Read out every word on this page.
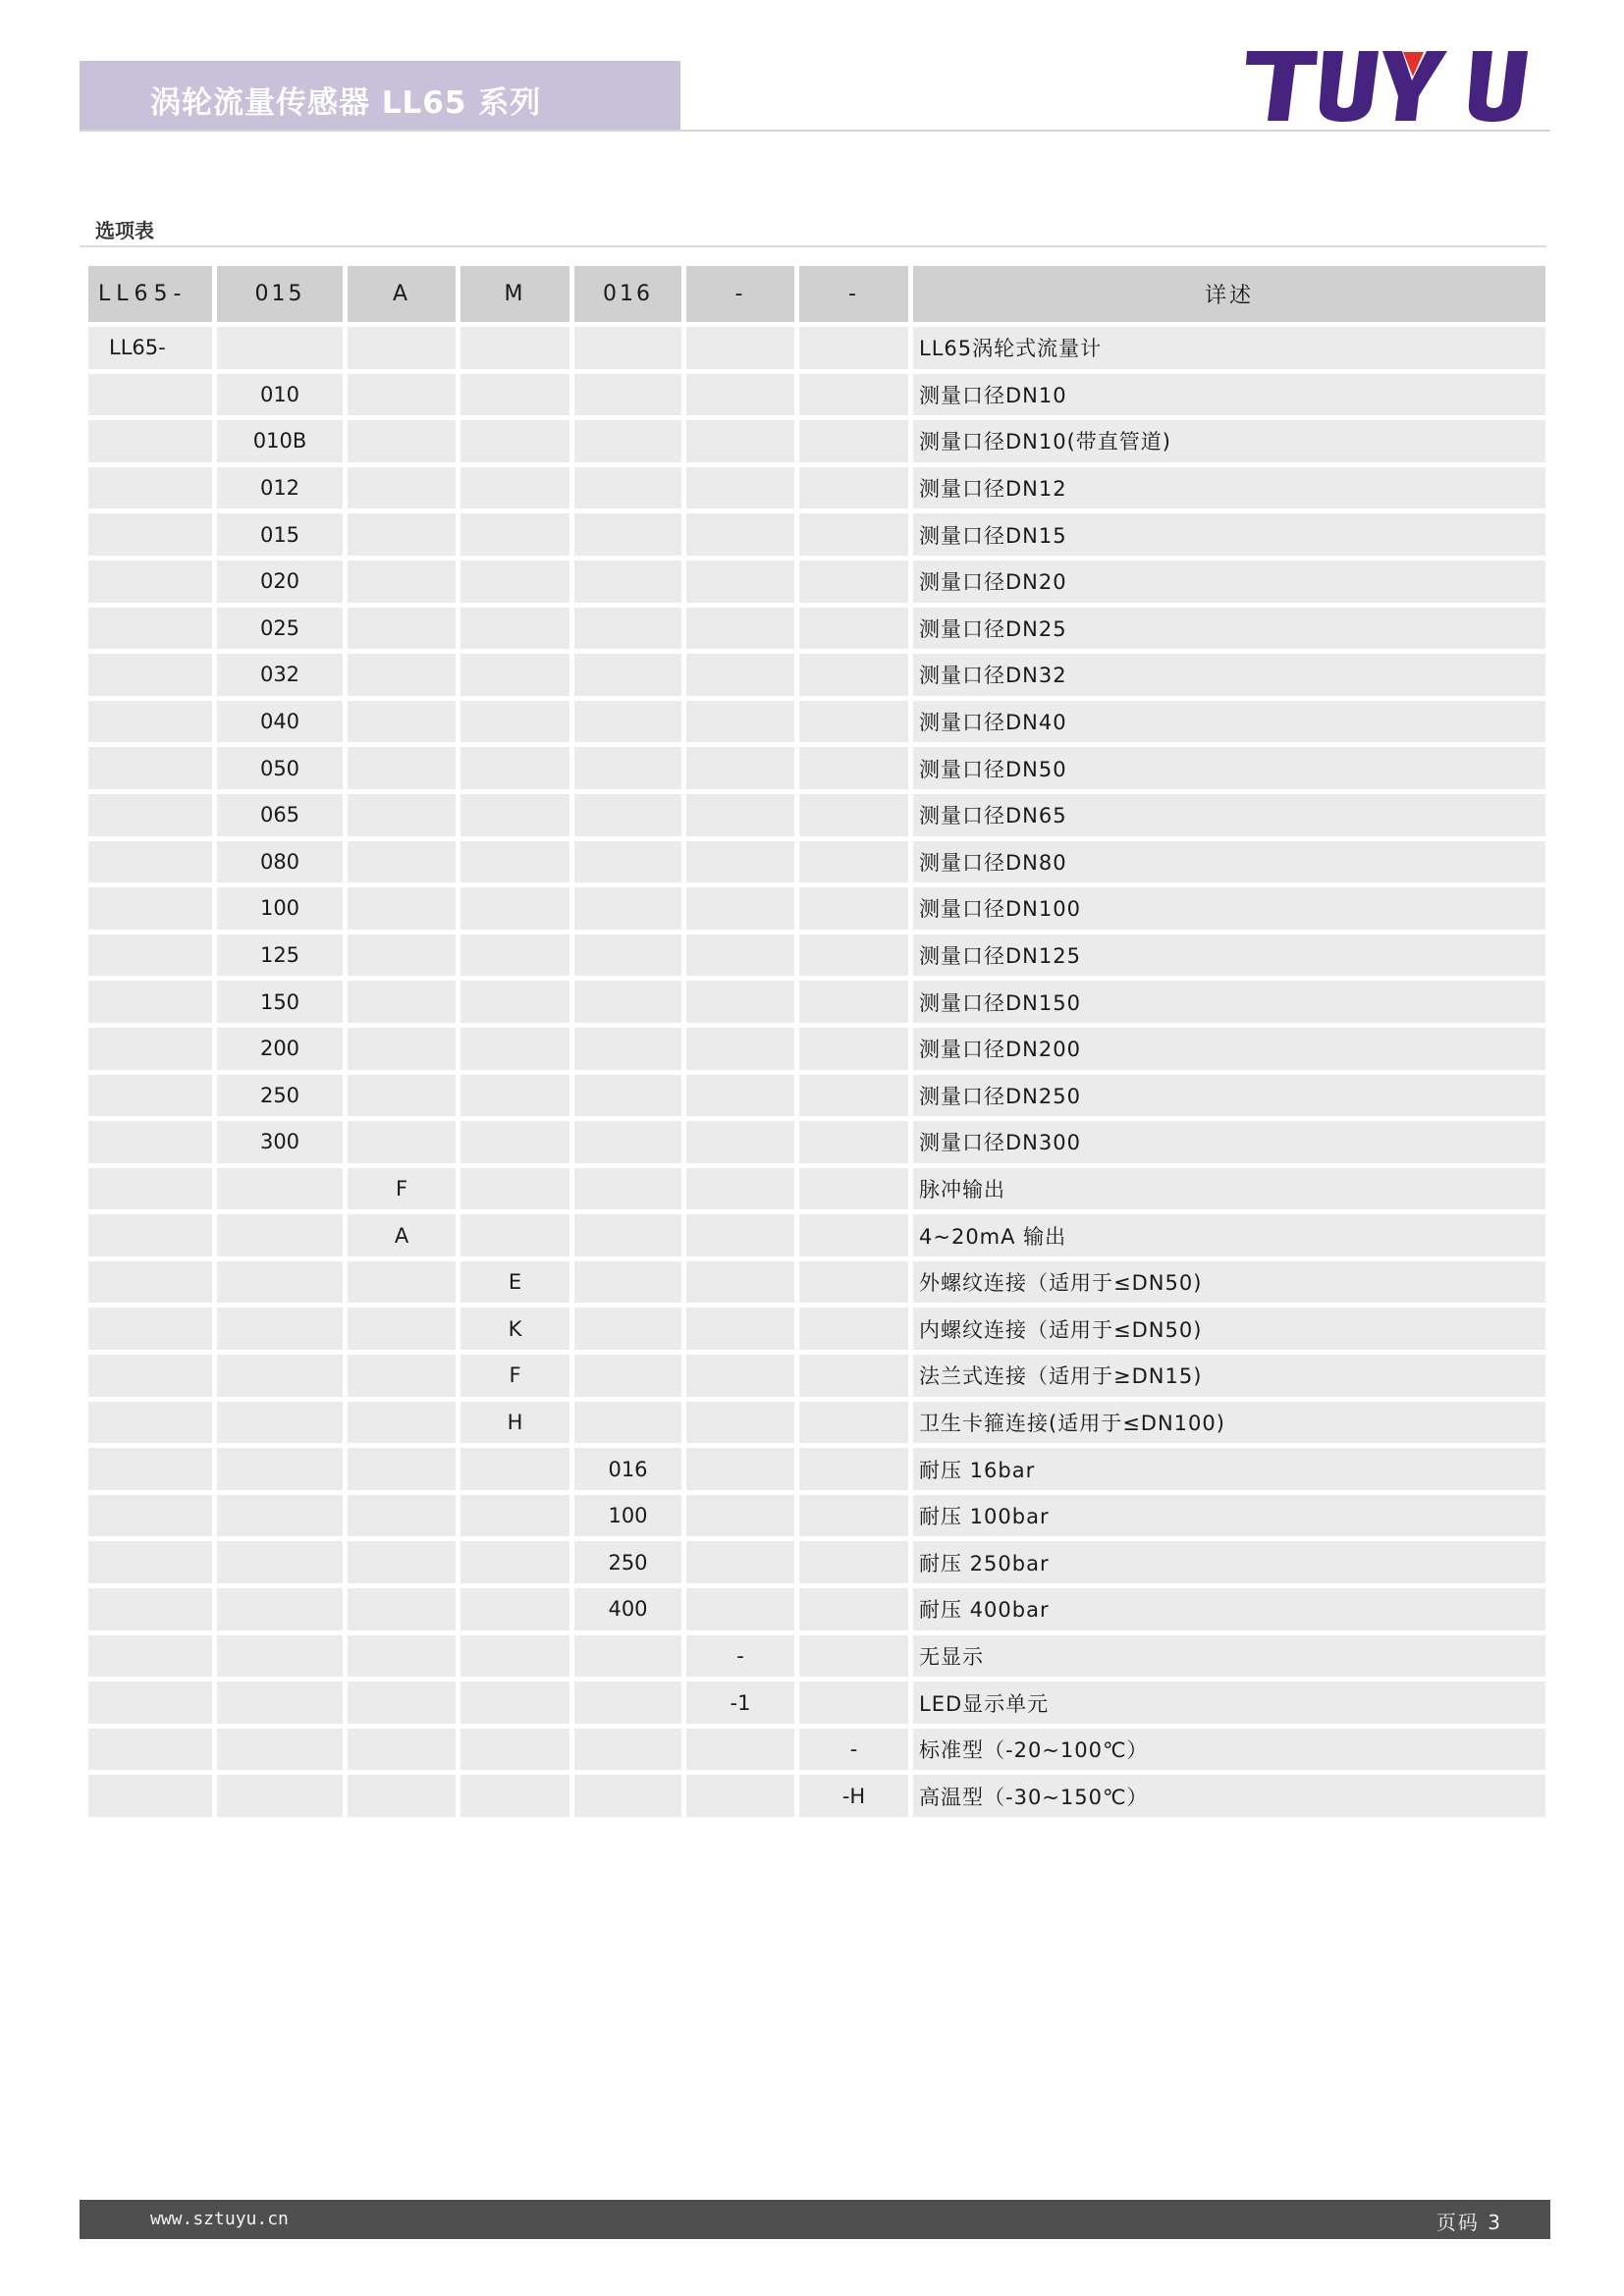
涡轮流量传感器 LL65 系列
选项表
LL65-	015	A	M	016	-	-	详述
LL65-							LL65涡轮式流量计
	010						测量口径DN10
	010B						测量口径DN10(带直管道)
	012						测量口径DN12
	015						测量口径DN15
	020						测量口径DN20
	025						测量口径DN25
	032						测量口径DN32
	040						测量口径DN40
	050						测量口径DN50
	065						测量口径DN65
	080						测量口径DN80
	100						测量口径DN100
	125						测量口径DN125
	150						测量口径DN150
	200						测量口径DN200
	250						测量口径DN250
	300						测量口径DN300
		F					脉冲输出
		A					4~20mA 输出
			E				外螺纹连接（适用于≤DN50)
			K				内螺纹连接（适用于≤DN50)
			F				法兰式连接（适用于≥DN15)
			H				卫生卡箍连接(适用于≤DN100)
				016			耐压 16bar
				100			耐压 100bar
				250			耐压 250bar
				400			耐压 400bar
					-		无显示
					-1		LED显示单元
						-	标准型（-20~100℃）
						-H	高温型（-30~150℃）
www.sztuyu.cn	页码 3
